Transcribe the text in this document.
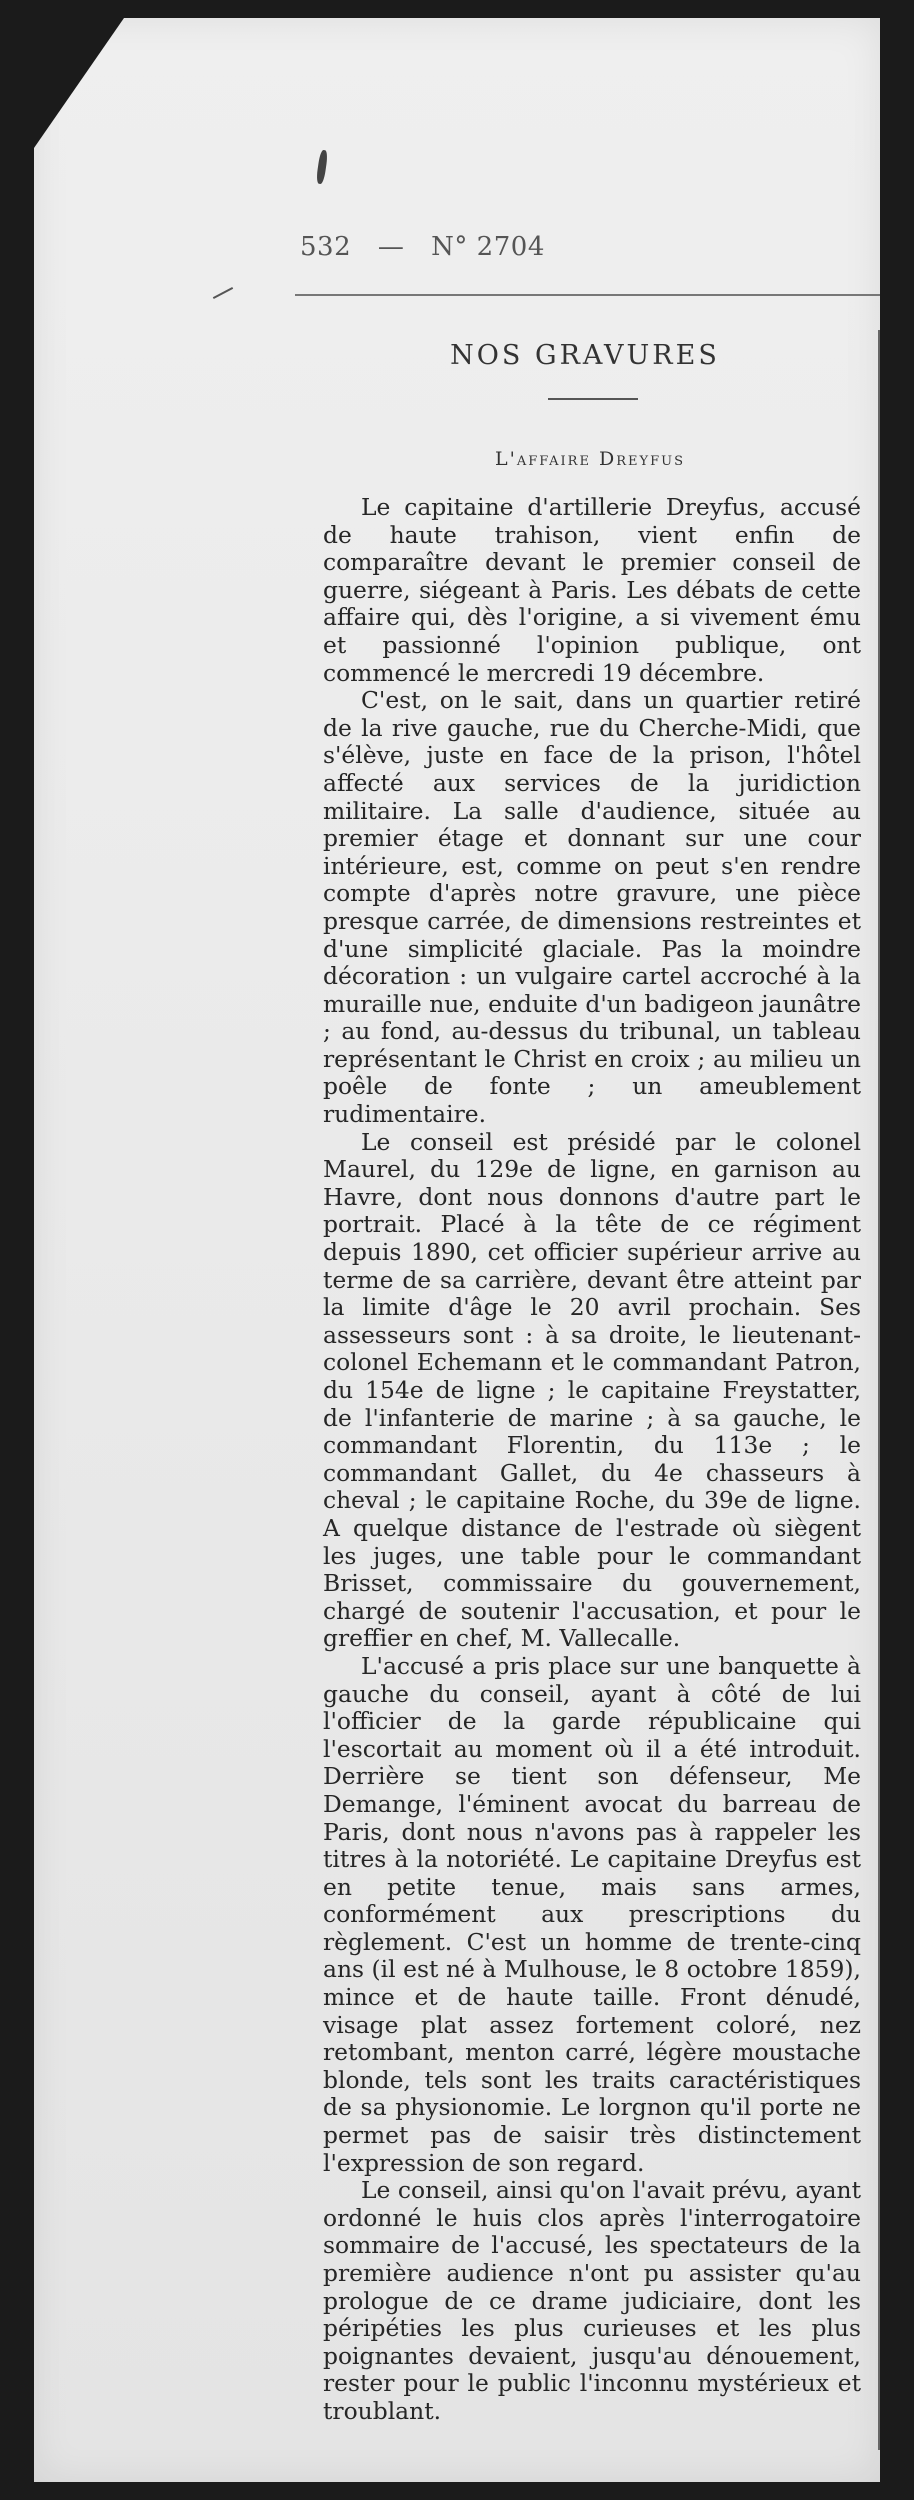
532 — N° 2704
NOS GRAVURES
L'affaire Dreyfus

Le capitaine d'artillerie Dreyfus, accusé de haute trahison, vient enfin de comparaître devant le premier conseil de guerre, siégeant à Paris. Les débats de cette affaire qui, dès l'origine, a si vivement ému et passionné l'opinion publique, ont commencé le mercredi 19 décembre.

C'est, on le sait, dans un quartier retiré de la rive gauche, rue du Cherche-Midi, que s'élève, juste en face de la prison, l'hôtel affecté aux services de la juridiction militaire. La salle d'audience, située au premier étage et donnant sur une cour intérieure, est, comme on peut s'en rendre compte d'après notre gravure, une pièce presque carrée, de dimensions restreintes et d'une simplicité glaciale. Pas la moindre décoration : un vulgaire cartel accroché à la muraille nue, enduite d'un badigeon jaunâtre ; au fond, au-dessus du tribunal, un tableau représentant le Christ en croix ; au milieu un poêle de fonte ; un ameublement rudimentaire.

Le conseil est présidé par le colonel Maurel, du 129e de ligne, en garnison au Havre, dont nous donnons d'autre part le portrait. Placé à la tête de ce régiment depuis 1890, cet officier supérieur arrive au terme de sa carrière, devant être atteint par la limite d'âge le 20 avril prochain. Ses assesseurs sont : à sa droite, le lieutenant-colonel Echemann et le commandant Patron, du 154e de ligne ; le capitaine Freystatter, de l'infanterie de marine ; à sa gauche, le commandant Florentin, du 113e ; le commandant Gallet, du 4e chasseurs à cheval ; le capitaine Roche, du 39e de ligne. A quelque distance de l'estrade où siègent les juges, une table pour le commandant Brisset, commissaire du gouvernement, chargé de soutenir l'accusation, et pour le greffier en chef, M. Vallecalle.

L'accusé a pris place sur une banquette à gauche du conseil, ayant à côté de lui l'officier de la garde républicaine qui l'escortait au moment où il a été introduit. Derrière se tient son défenseur, Me Demange, l'éminent avocat du barreau de Paris, dont nous n'avons pas à rappeler les titres à la notoriété. Le capitaine Dreyfus est en petite tenue, mais sans armes, conformément aux prescriptions du règlement. C'est un homme de trente-cinq ans (il est né à Mulhouse, le 8 octobre 1859), mince et de haute taille. Front dénudé, visage plat assez fortement coloré, nez retombant, menton carré, légère moustache blonde, tels sont les traits caractéristiques de sa physionomie. Le lorgnon qu'il porte ne permet pas de saisir très distinctement l'expression de son regard.

Le conseil, ainsi qu'on l'avait prévu, ayant ordonné le huis clos après l'interrogatoire sommaire de l'accusé, les spectateurs de la première audience n'ont pu assister qu'au prologue de ce drame judiciaire, dont les péripéties les plus curieuses et les plus poignantes devaient, jusqu'au dénouement, rester pour le public l'inconnu mystérieux et troublant.
